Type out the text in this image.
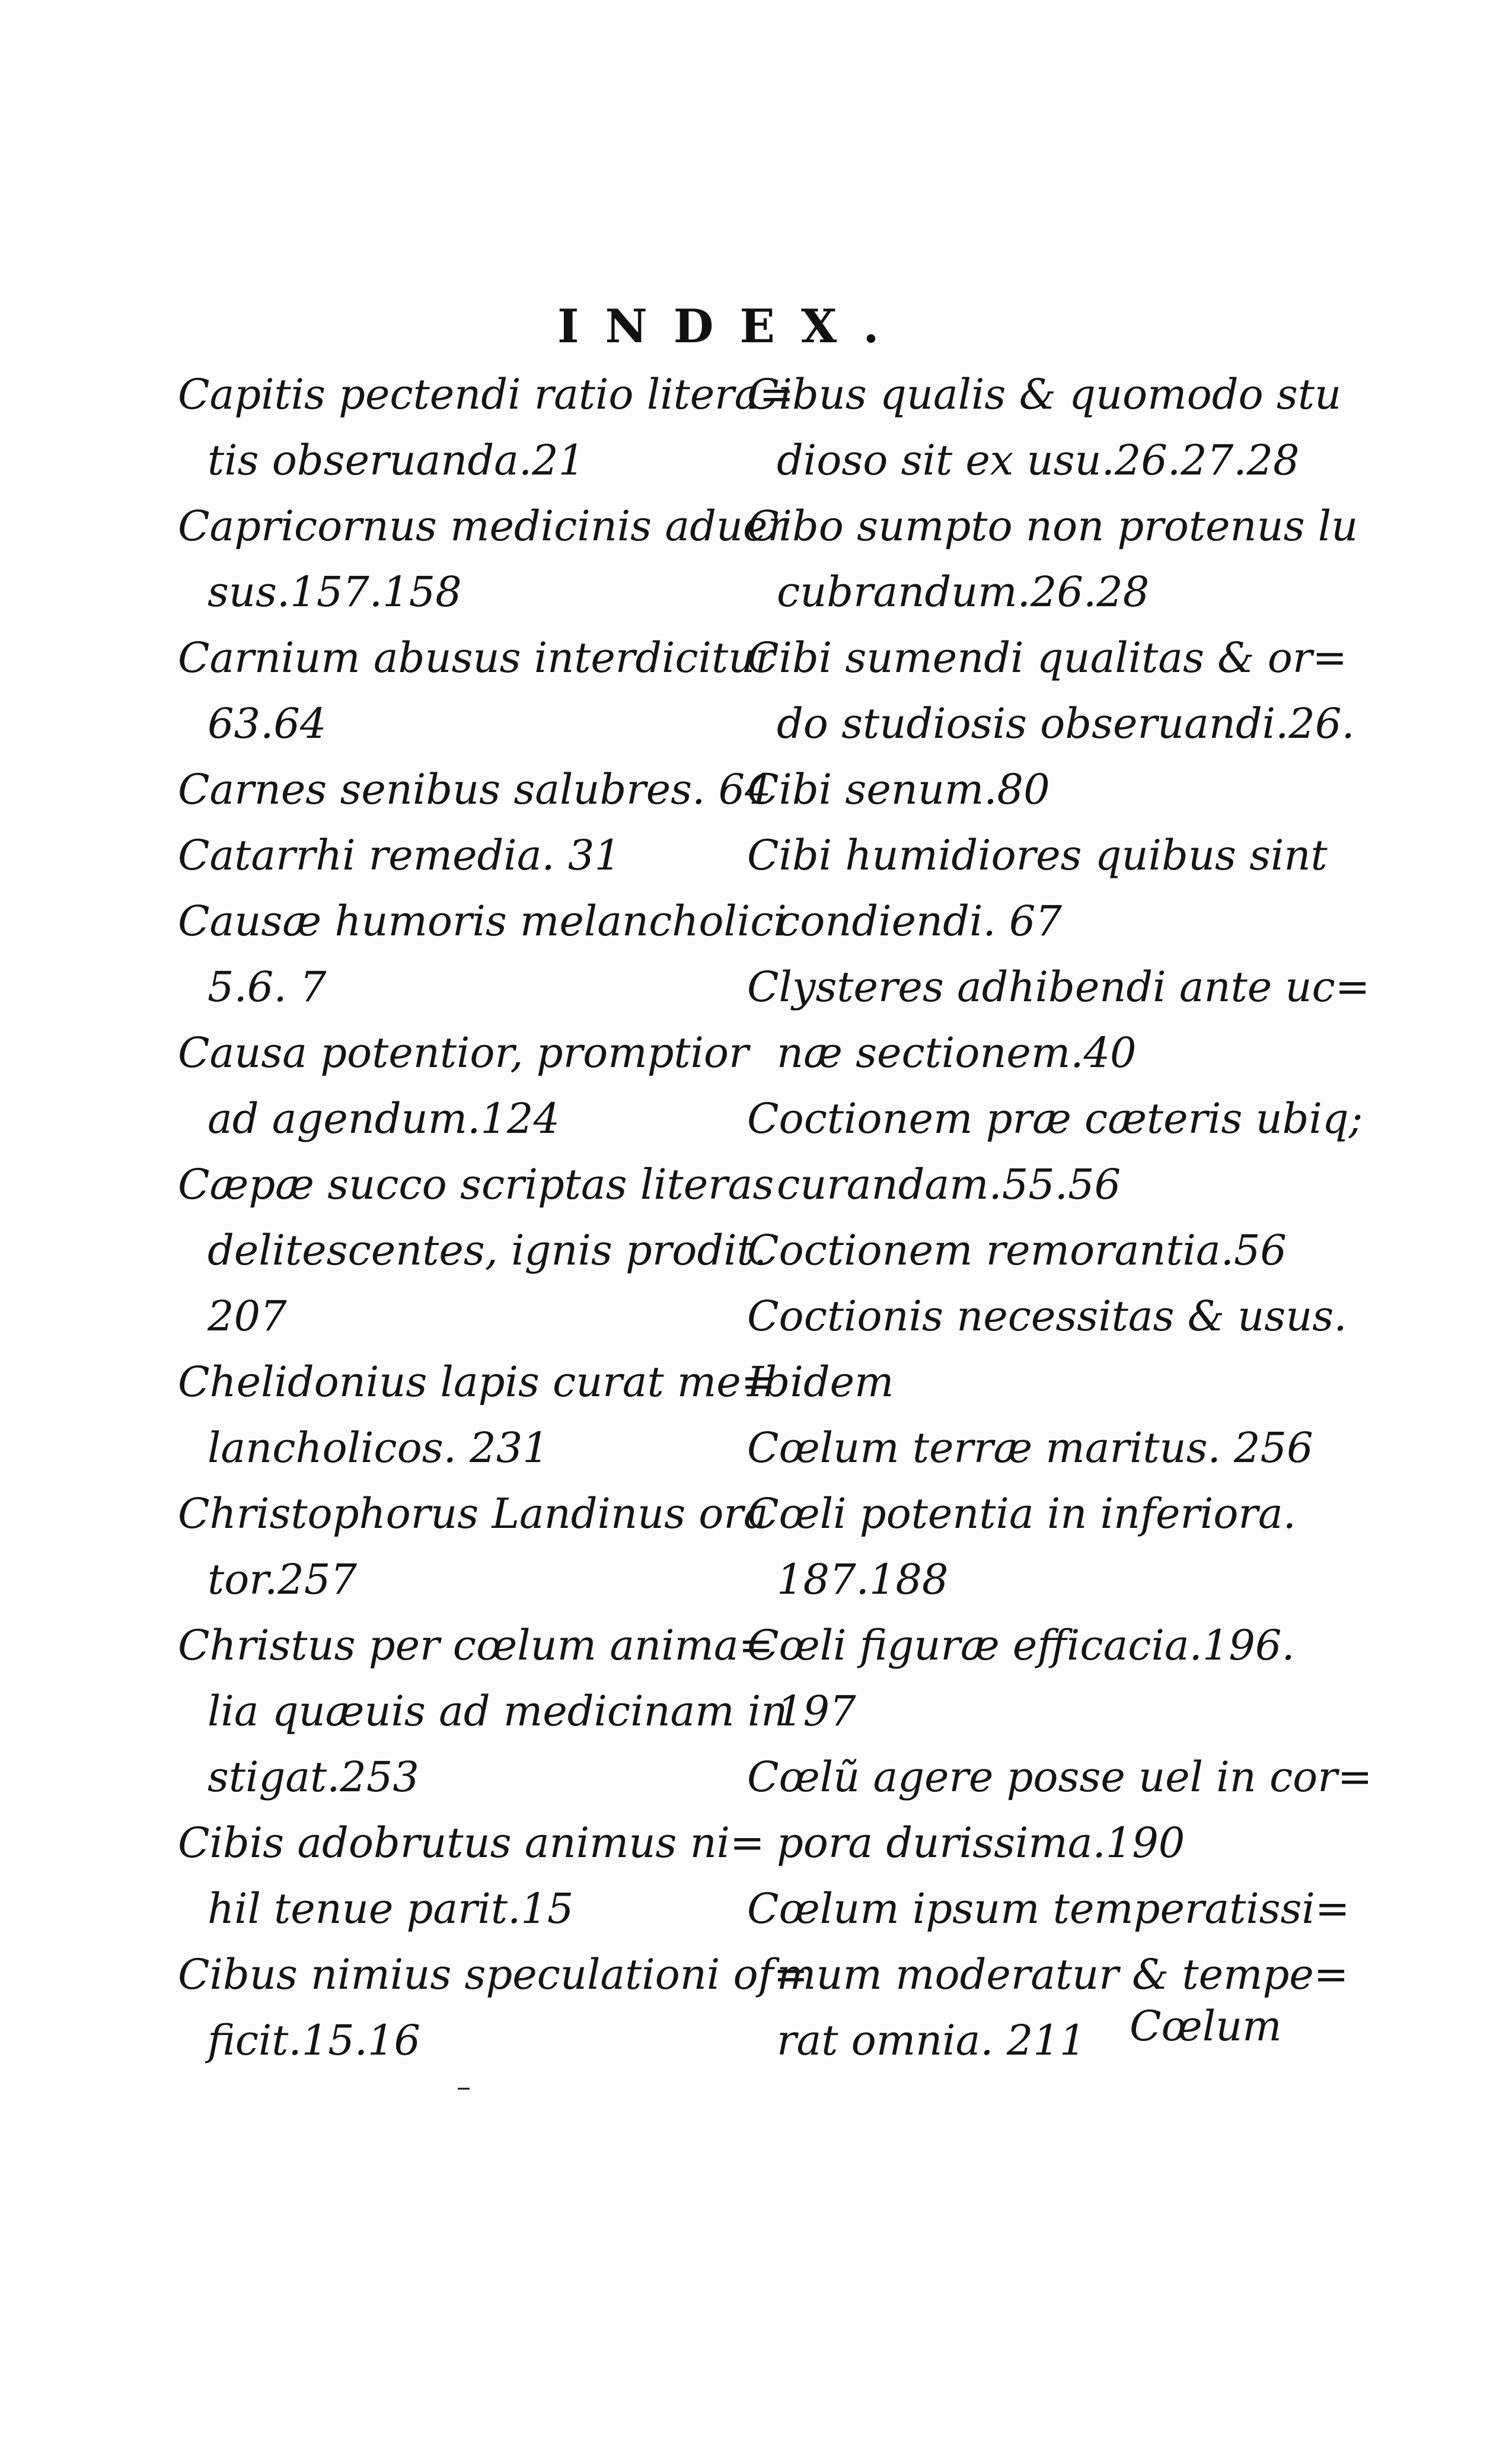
INDEX.
Capitis pectendi ratio litera=
tis obseruanda.21
Capricornus medicinis aduer
sus.157.158
Carnium abusus interdicitur
63.64
Carnes senibus salubres. 64
Catarrhi remedia. 31
Causæ humoris melancholici
5.6. 7
Causa potentior, promptior
ad agendum.124
Cæpæ succo scriptas literas
delitescentes, ignis prodit.
207
Chelidonius lapis curat me=
lancholicos. 231
Christophorus Landinus ora
tor.257
Christus per cœlum anima=
lia quæuis ad medicinam in
stigat.253
Cibis adobrutus animus ni=
hil tenue parit.15
Cibus nimius speculationi of=
ficit.15.16
Cibus qualis & quomodo stu
dioso sit ex usu.26.27.28
Cibo sumpto non protenus lu
cubrandum.26.28
Cibi sumendi qualitas & or=
do studiosis obseruandi.26.
Cibi senum.80
Cibi humidiores quibus sint
condiendi. 67
Clysteres adhibendi ante uc=
næ sectionem.40
Coctionem præ cæteris ubiq;
curandam.55.56
Coctionem remorantia.56
Coctionis necessitas & usus.
Ibidem
Cœlum terræ maritus. 256
Cœli potentia in inferiora.
187.188
Cœli figuræ efficacia.196.
197
Cœlũ agere posse uel in cor=
pora durissima.190
Cœlum ipsum temperatissi=
mum moderatur & tempe=
rat omnia. 211	Cœlum
–
